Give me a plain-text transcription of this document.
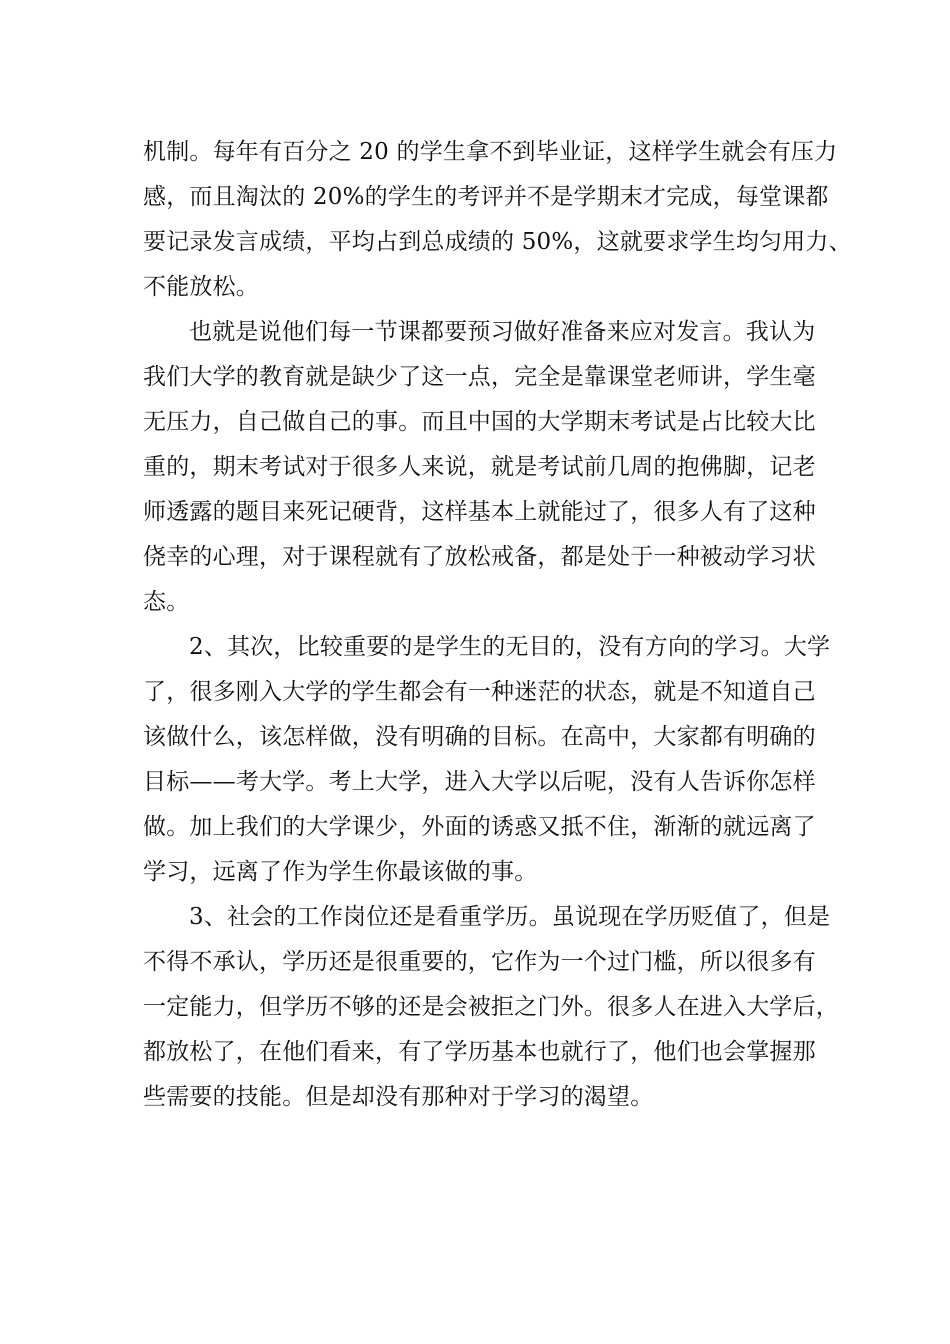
机制。每年有百分之 20 的学生拿不到毕业证，这样学生就会有压力
感，而且淘汰的 20%的学生的考评并不是学期末才完成，每堂课都
要记录发言成绩，平均占到总成绩的 50%，这就要求学生均匀用力、
不能放松。
也就是说他们每一节课都要预习做好准备来应对发言。我认为
我们大学的教育就是缺少了这一点，完全是靠课堂老师讲，学生毫
无压力，自己做自己的事。而且中国的大学期末考试是占比较大比
重的，期末考试对于很多人来说，就是考试前几周的抱佛脚，记老
师透露的题目来死记硬背，这样基本上就能过了，很多人有了这种
侥幸的心理，对于课程就有了放松戒备，都是处于一种被动学习状
态。
2、其次，比较重要的是学生的无目的，没有方向的学习。大学
了，很多刚入大学的学生都会有一种迷茫的状态，就是不知道自己
该做什么，该怎样做，没有明确的目标。在高中，大家都有明确的
目标——考大学。考上大学，进入大学以后呢，没有人告诉你怎样
做。加上我们的大学课少，外面的诱惑又抵不住，渐渐的就远离了
学习，远离了作为学生你最该做的事。
3、社会的工作岗位还是看重学历。虽说现在学历贬值了，但是
不得不承认，学历还是很重要的，它作为一个过门槛，所以很多有
一定能力，但学历不够的还是会被拒之门外。很多人在进入大学后，
都放松了，在他们看来，有了学历基本也就行了，他们也会掌握那
些需要的技能。但是却没有那种对于学习的渴望。
